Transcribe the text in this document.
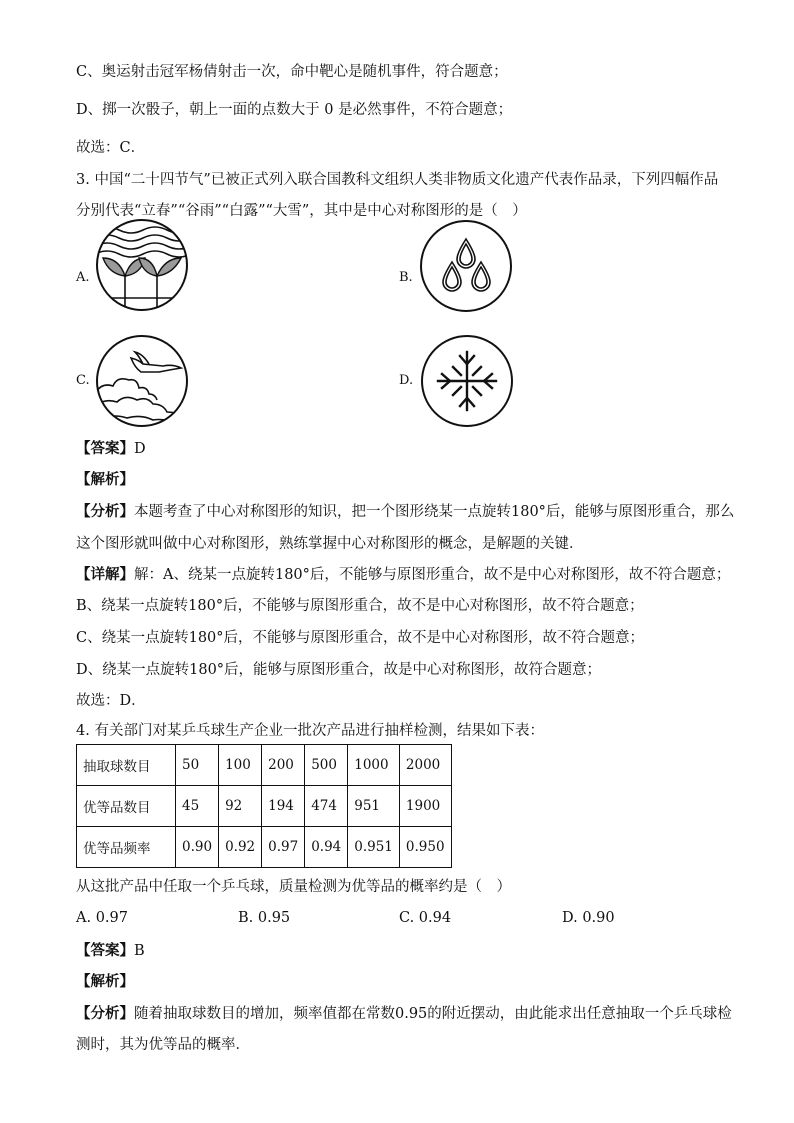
C、奥运射击冠军杨倩射击一次，命中靶心是随机事件，符合题意；
D、掷一次骰子，朝上一面的点数大于 0 是必然事件，不符合题意；
故选：C．
3. 中国“二十四节气”已被正式列入联合国教科文组织人类非物质文化遗产代表作品录，下列四幅作品
分别代表“立春”“谷雨”“白露”“大雪”，其中是中心对称图形的是（　）
A.	B.
C.	D.
【答案】D
【解析】
【分析】本题考查了中心对称图形的知识，把一个图形绕某一点旋转180°后，能够与原图形重合，那么
这个图形就叫做中心对称图形，熟练掌握中心对称图形的概念，是解题的关键．
【详解】解：A、绕某一点旋转180°后，不能够与原图形重合，故不是中心对称图形，故不符合题意；
B、绕某一点旋转180°后，不能够与原图形重合，故不是中心对称图形，故不符合题意；
C、绕某一点旋转180°后，不能够与原图形重合，故不是中心对称图形，故不符合题意；
D、绕某一点旋转180°后，能够与原图形重合，故是中心对称图形，故符合题意；
故选：D．
4. 有关部门对某乒乓球生产企业一批次产品进行抽样检测，结果如下表：
抽取球数目	50	100	200	500	1000	2000
优等品数目	45	92	194	474	951	1900
优等品频率	0.90	0.92	0.97	0.94	0.951	0.950
从这批产品中任取一个乒乓球，质量检测为优等品的概率约是（　）
A. 0.97	B. 0.95	C. 0.94	D. 0.90
【答案】B
【解析】
【分析】随着抽取球数目的增加，频率值都在常数0.95的附近摆动，由此能求出任意抽取一个乒乓球检
测时，其为优等品的概率．
